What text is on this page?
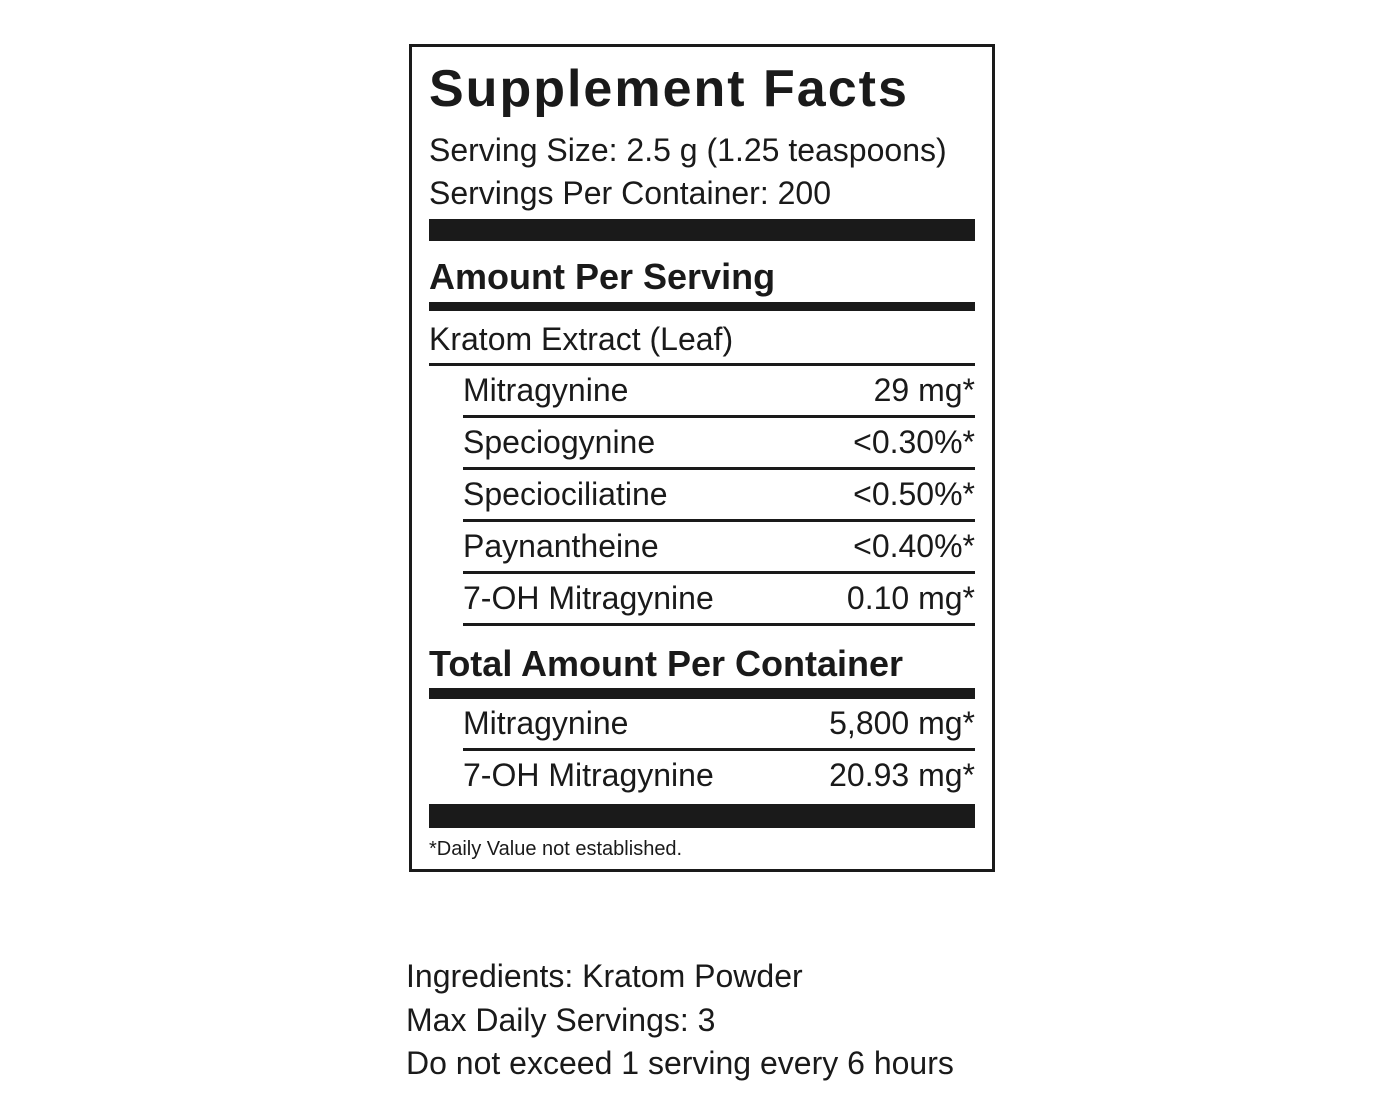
Supplement Facts
Serving Size: 2.5 g (1.25 teaspoons)
Servings Per Container: 200
Amount Per Serving
Kratom Extract (Leaf)
Mitragynine	29 mg*
Speciogynine	<0.30%*
Speciociliatine	<0.50%*
Paynantheine	<0.40%*
7-OH Mitragynine	0.10 mg*
Total Amount Per Container
Mitragynine	5,800 mg*
7-OH Mitragynine	20.93 mg*
*Daily Value not established.
Ingredients: Kratom Powder
Max Daily Servings: 3
Do not exceed 1 serving every 6 hours
